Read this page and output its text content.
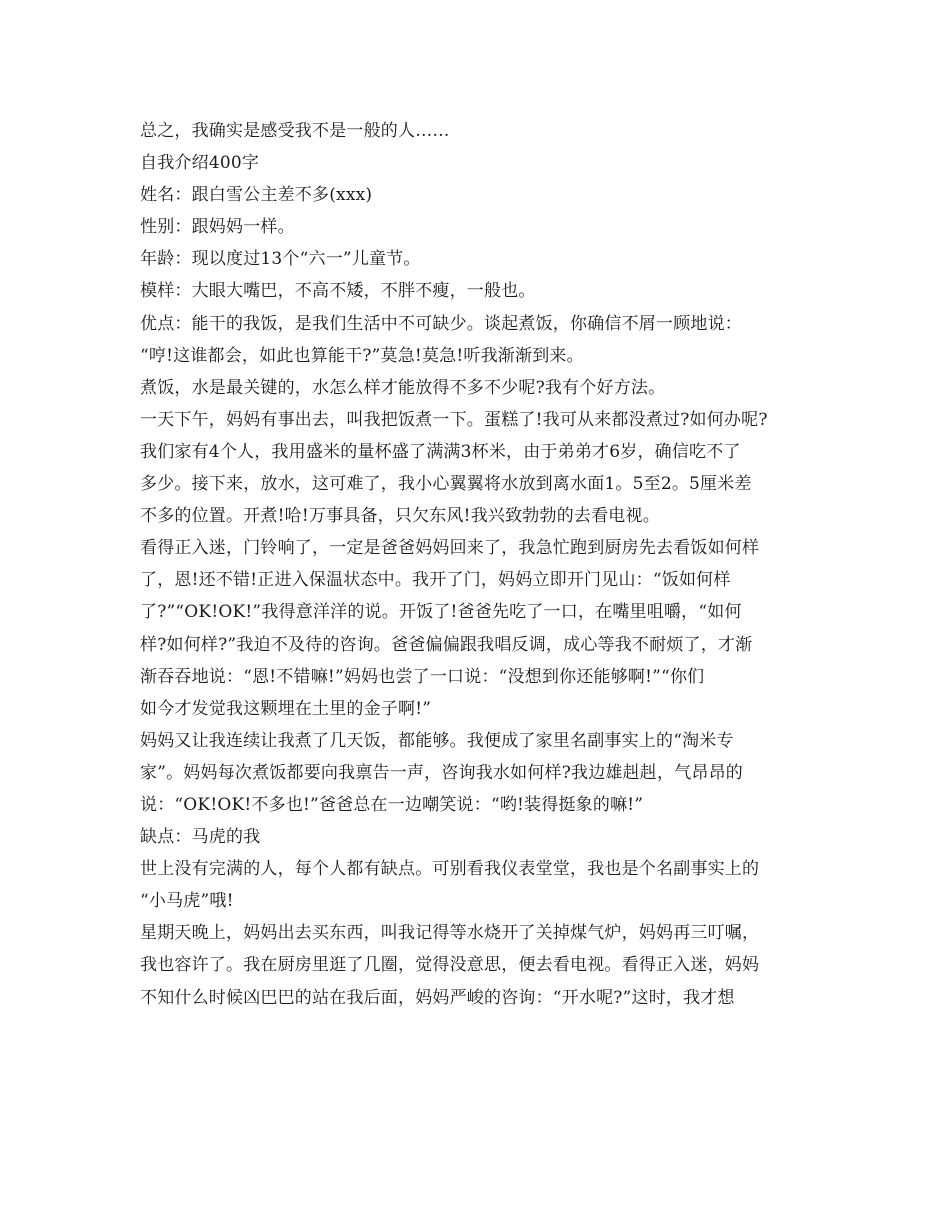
总之，我确实是感受我不是一般的人……
自我介绍400字
姓名：跟白雪公主差不多(xxx)
性别：跟妈妈一样。
年龄：现以度过13个“六一”儿童节。
模样：大眼大嘴巴，不高不矮，不胖不瘦，一般也。
优点：能干的我饭，是我们生活中不可缺少。谈起煮饭，你确信不屑一顾地说：
“哼!这谁都会，如此也算能干?”莫急!莫急!听我渐渐到来。
煮饭，水是最关键的，水怎么样才能放得不多不少呢?我有个好方法。
一天下午，妈妈有事出去，叫我把饭煮一下。蛋糕了!我可从来都没煮过?如何办呢?
我们家有4个人，我用盛米的量杯盛了满满3杯米，由于弟弟才6岁，确信吃不了
多少。接下来，放水，这可难了，我小心翼翼将水放到离水面1。5至2。5厘米差
不多的位置。开煮!哈!万事具备，只欠东风!我兴致勃勃的去看电视。
看得正入迷，门铃响了，一定是爸爸妈妈回来了，我急忙跑到厨房先去看饭如何样
了，恩!还不错!正进入保温状态中。我开了门，妈妈立即开门见山：“饭如何样
了?”“OK!OK!”我得意洋洋的说。开饭了!爸爸先吃了一口，在嘴里咀嚼，“如何
样?如何样?”我迫不及待的咨询。爸爸偏偏跟我唱反调，成心等我不耐烦了，才渐
渐吞吞地说：“恩!不错嘛!”妈妈也尝了一口说：“没想到你还能够啊!”“你们
如今才发觉我这颗埋在土里的金子啊!”
妈妈又让我连续让我煮了几天饭，都能够。我便成了家里名副事实上的“淘米专
家”。妈妈每次煮饭都要向我禀告一声，咨询我水如何样?我边雄赳赳，气昂昂的
说：“OK!OK!不多也!”爸爸总在一边嘲笑说：“哟!装得挺象的嘛!”
缺点：马虎的我
世上没有完满的人，每个人都有缺点。可别看我仪表堂堂，我也是个名副事实上的
“小马虎”哦!
星期天晚上，妈妈出去买东西，叫我记得等水烧开了关掉煤气炉，妈妈再三叮嘱，
我也容许了。我在厨房里逛了几圈，觉得没意思，便去看电视。看得正入迷，妈妈
不知什么时候凶巴巴的站在我后面，妈妈严峻的咨询：“开水呢?”这时，我才想
